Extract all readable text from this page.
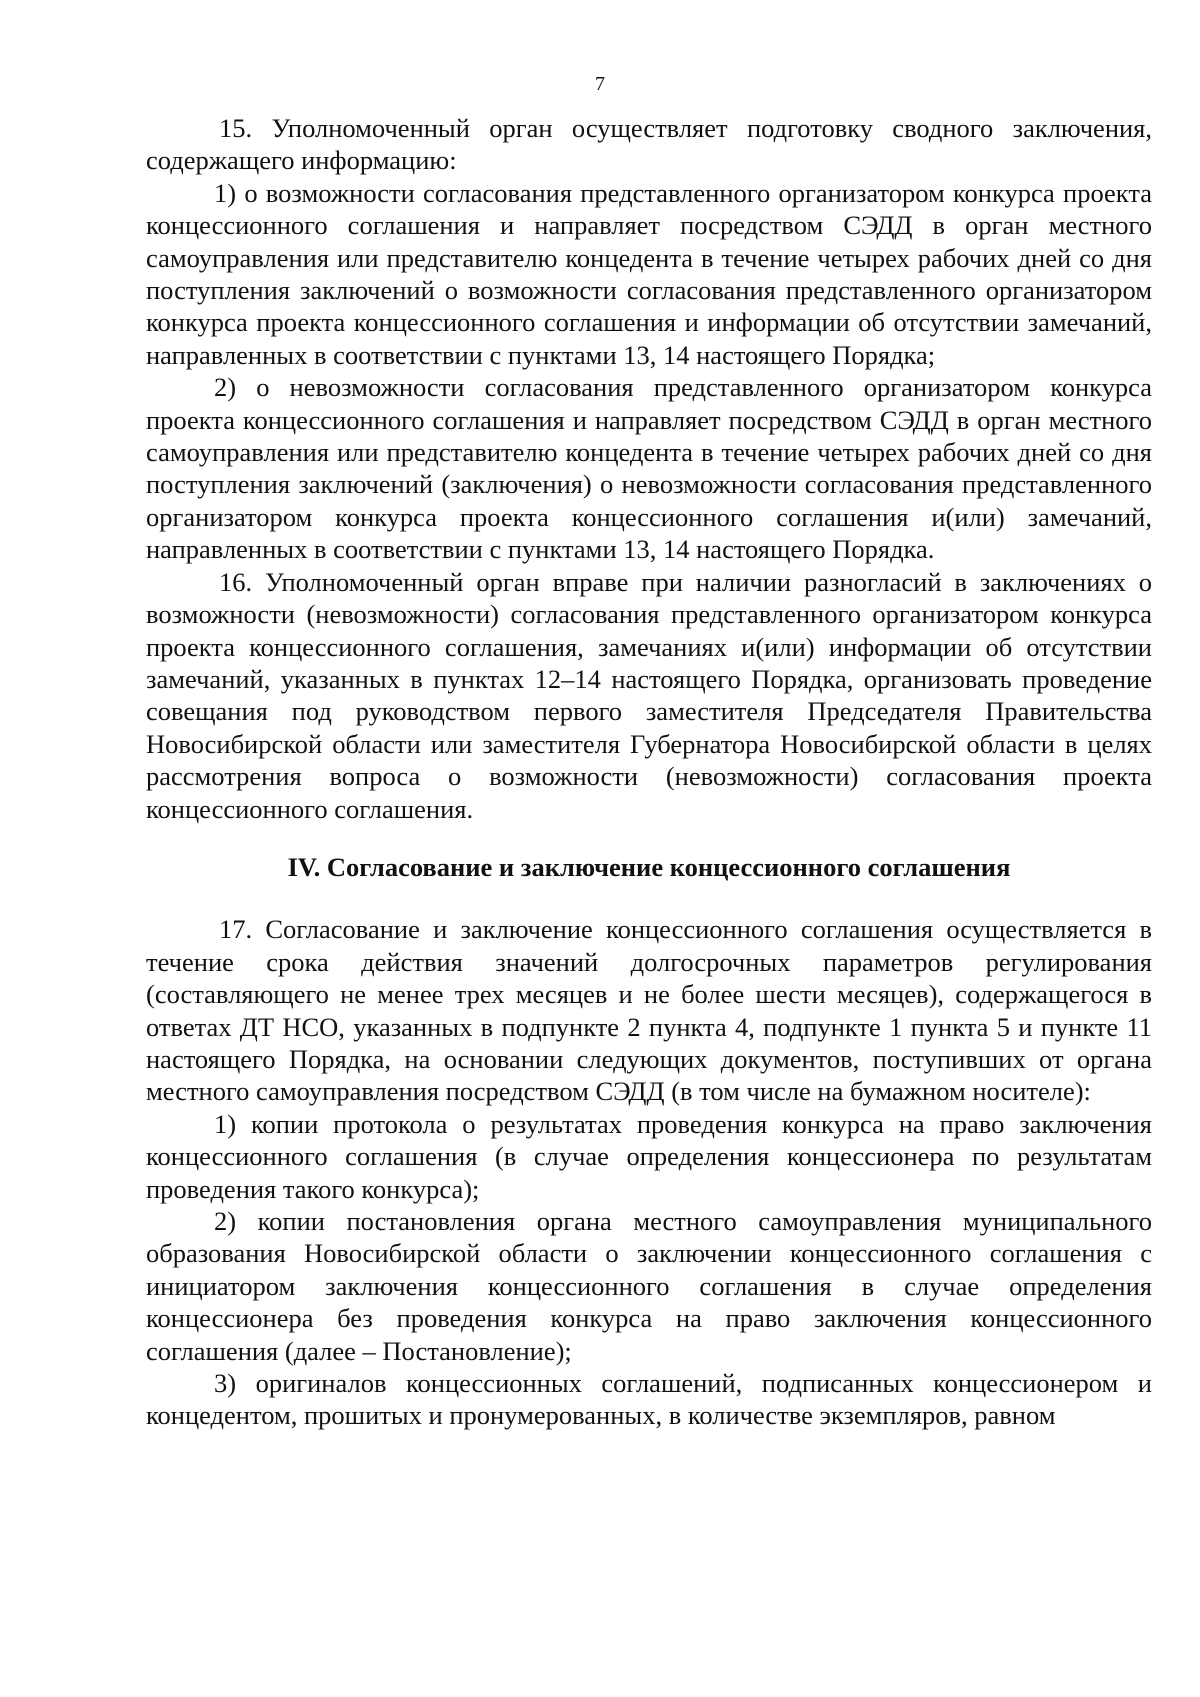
7

15. Уполномоченный орган осуществляет подготовку сводного заключения, содержащего информацию:

1) о возможности согласования представленного организатором конкурса проекта концессионного соглашения и направляет посредством СЭДД в орган местного самоуправления или представителю концедента в течение четырех рабочих дней со дня поступления заключений о возможности согласования представленного организатором конкурса проекта концессионного соглашения и информации об отсутствии замечаний, направленных в соответствии с пунктами 13, 14 настоящего Порядка;

2) о невозможности согласования представленного организатором конкурса проекта концессионного соглашения и направляет посредством СЭДД в орган местного самоуправления или представителю концедента в течение четырех рабочих дней со дня поступления заключений (заключения) о невозможности согласования представленного организатором конкурса проекта концессионного соглашения и(или) замечаний, направленных в соответствии с пунктами 13, 14 настоящего Порядка.

16. Уполномоченный орган вправе при наличии разногласий в заключениях о возможности (невозможности) согласования представленного организатором конкурса проекта концессионного соглашения, замечаниях и(или) информации об отсутствии замечаний, указанных в пунктах 12–14 настоящего Порядка, организовать проведение совещания под руководством первого заместителя Председателя Правительства Новосибирской области или заместителя Губернатора Новосибирской области в целях рассмотрения вопроса о возможности (невозможности) согласования проекта концессионного соглашения.

IV. Согласование и заключение концессионного соглашения

17. Согласование и заключение концессионного соглашения осуществляется в течение срока действия значений долгосрочных параметров регулирования (составляющего не менее трех месяцев и не более шести месяцев), содержащегося в ответах ДТ НСО, указанных в подпункте 2 пункта 4, подпункте 1 пункта 5 и пункте 11 настоящего Порядка, на основании следующих документов, поступивших от органа местного самоуправления посредством СЭДД (в том числе на бумажном носителе):

1) копии протокола о результатах проведения конкурса на право заключения концессионного соглашения (в случае определения концессионера по результатам проведения такого конкурса);

2) копии постановления органа местного самоуправления муниципального образования Новосибирской области о заключении концессионного соглашения с инициатором заключения концессионного соглашения в случае определения концессионера без проведения конкурса на право заключения концессионного соглашения (далее – Постановление);

3) оригиналов концессионных соглашений, подписанных концессионером и концедентом, прошитых и пронумерованных, в количестве экземпляров, равном
